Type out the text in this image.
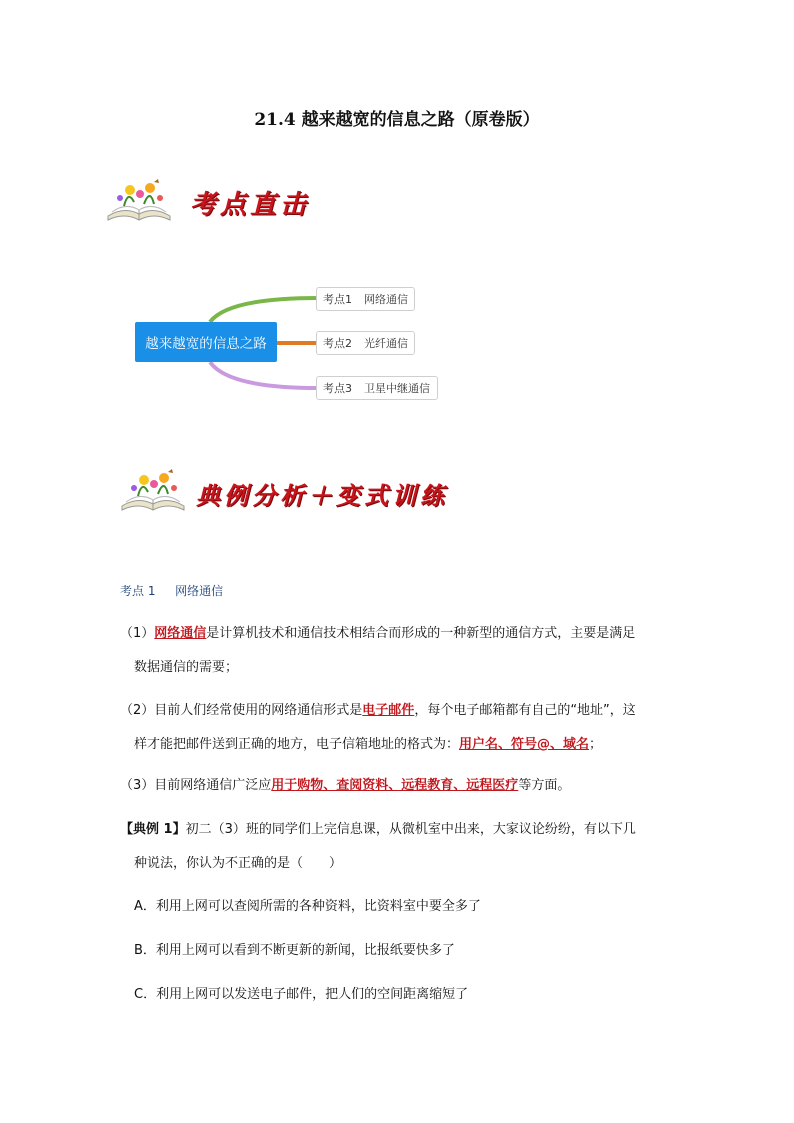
21.4 越来越宽的信息之路（原卷版）
考点直击
越来越宽的信息之路
考点1 网络通信
考点2 光纤通信
考点3 卫星中继通信
典例分析＋变式训练
考点 1 网络通信
（1）网络通信是计算机技术和通信技术相结合而形成的一种新型的通信方式，主要是满足
数据通信的需要；
（2）目前人们经常使用的网络通信形式是电子邮件，每个电子邮箱都有自己的“地址”，这
样才能把邮件送到正确的地方，电子信箱地址的格式为：用户名、符号@、域名；
（3）目前网络通信广泛应用于购物、查阅资料、远程教育、远程医疗等方面。
【典例 1】初二（3）班的同学们上完信息课，从微机室中出来，大家议论纷纷，有以下几
种说法，你认为不正确的是（　　）
A．利用上网可以查阅所需的各种资料，比资料室中要全多了
B．利用上网可以看到不断更新的新闻，比报纸要快多了
C．利用上网可以发送电子邮件，把人们的空间距离缩短了
